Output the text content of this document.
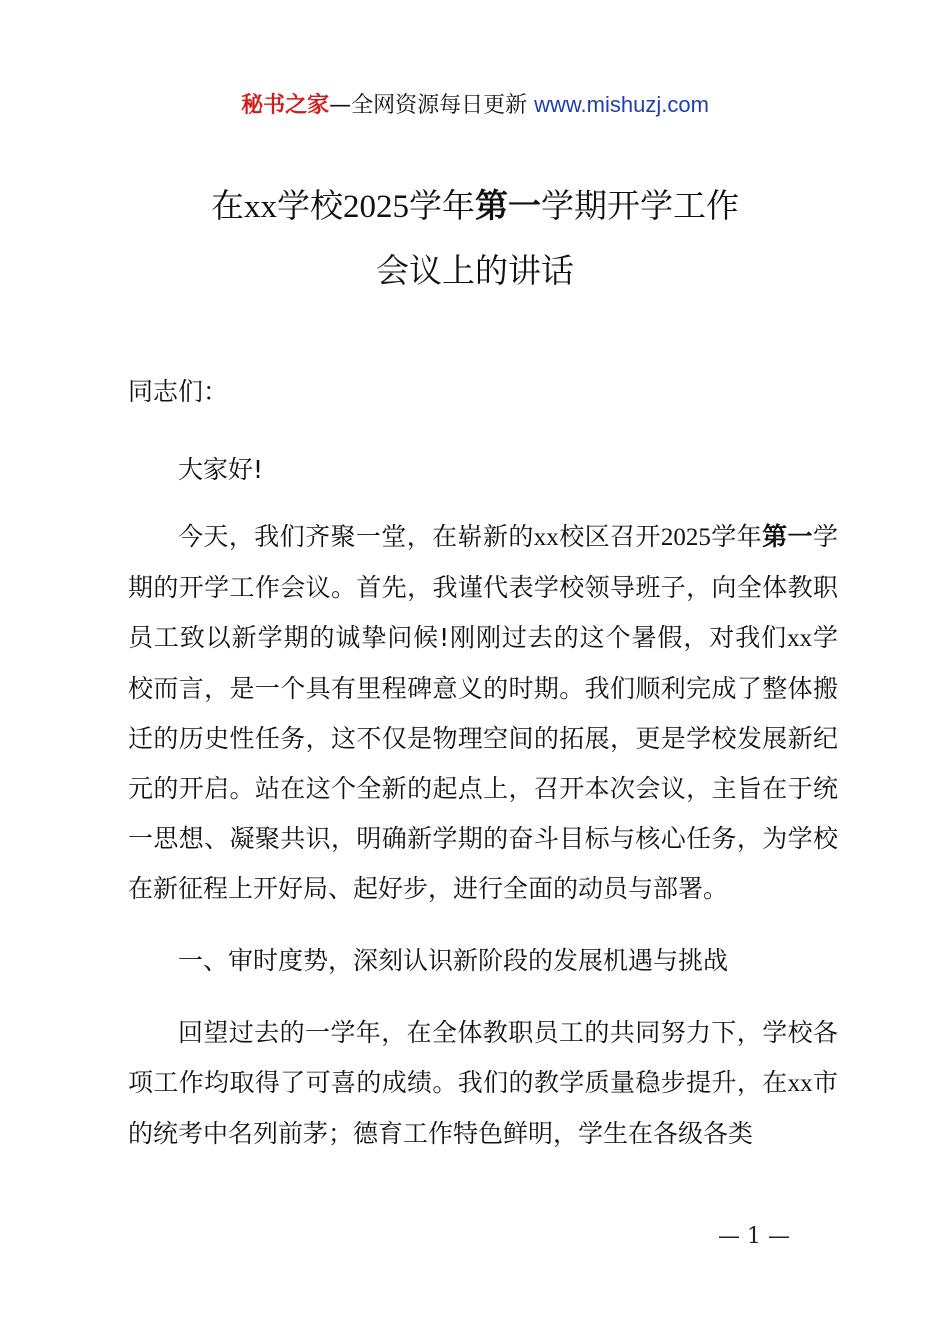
秘书之家—全网资源每日更新 www.mishuzj.com
在xx学校2025学年第一学期开学工作
会议上的讲话

同志们：

大家好!

今天，我们齐聚一堂，在崭新的xx校区召开2025学年第一学期的开学工作会议。首先，我谨代表学校领导班子，向全体教职员工致以新学期的诚挚问候!刚刚过去的这个暑假，对我们xx学校而言，是一个具有里程碑意义的时期。我们顺利完成了整体搬迁的历史性任务，这不仅是物理空间的拓展，更是学校发展新纪元的开启。站在这个全新的起点上，召开本次会议，主旨在于统一思想、凝聚共识，明确新学期的奋斗目标与核心任务，为学校在新征程上开好局、起好步，进行全面的动员与部署。

一、审时度势，深刻认识新阶段的发展机遇与挑战

回望过去的一学年，在全体教职员工的共同努力下，学校各项工作均取得了可喜的成绩。我们的教学质量稳步提升，在xx市的统考中名列前茅；德育工作特色鲜明，学生在各级各类

— 1 —
